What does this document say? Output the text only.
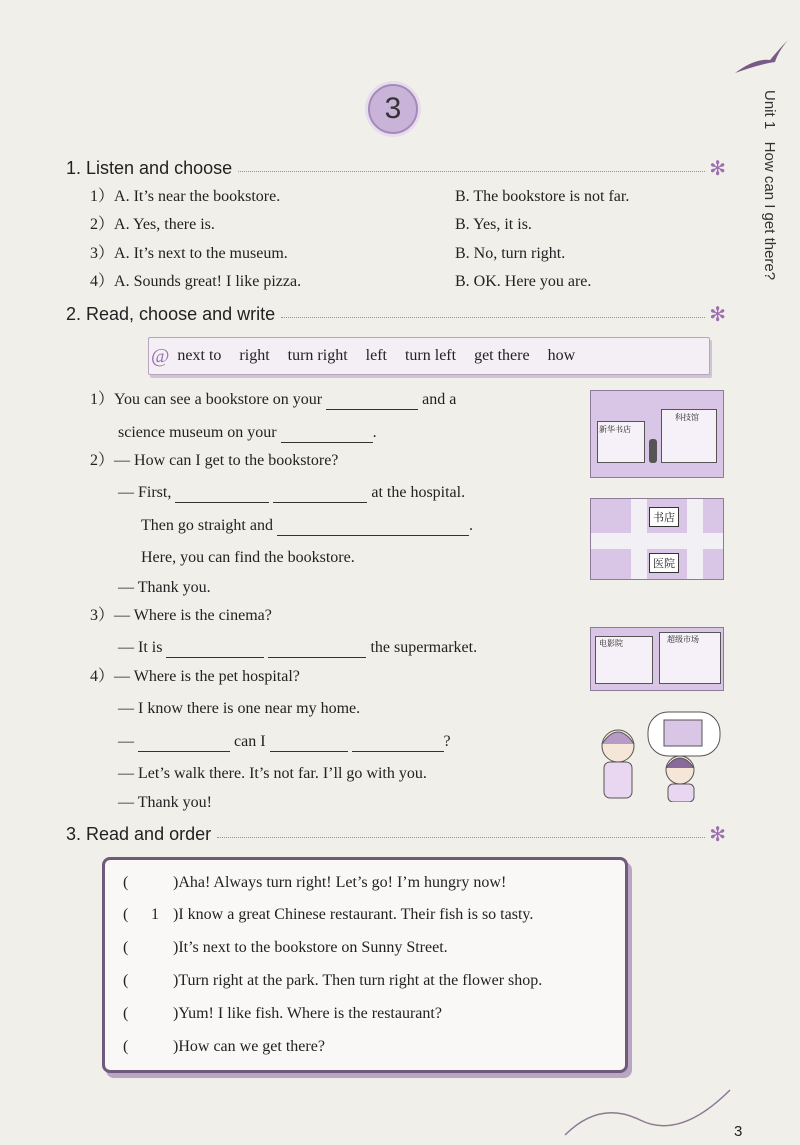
3	Unit 1   How can I get there?
1. Listen and choose	✻
1）A. It’s near the bookstore.	B. The bookstore is not far.
2）A. Yes, there is.	B. Yes, it is.
3）A. It’s next to the museum.	B. No, turn right.
4）A. Sounds great! I like pizza.	B. OK. Here you are.
2. Read, choose and write	✻
@ next to right turn right left turn left get there how
1）You can see a bookstore on your	and a
science museum on your	.
2）— How can I get to the bookstore?
— First,	at the hospital.
Then go straight and	.
Here, you can find the bookstore.
— Thank you.
3）— Where is the cinema?
— It is	the supermarket.
4）— Where is the pet hospital?
— I know there is one near my home.
—	can I	?
— Let’s walk there. It’s not far. I’ll go with you.
— Thank you!
新华书店
科技馆
书店
医院
电影院	超级市场
3. Read and order	✻
(	)Aha! Always turn right! Let’s go! I’m hungry now!
(	1 )I know a great Chinese restaurant. Their fish is so tasty.
(	)It’s next to the bookstore on Sunny Street.
(	)Turn right at the park. Then turn right at the flower shop.
(	)Yum! I like fish. Where is the restaurant?
(	)How can we get there?
3
